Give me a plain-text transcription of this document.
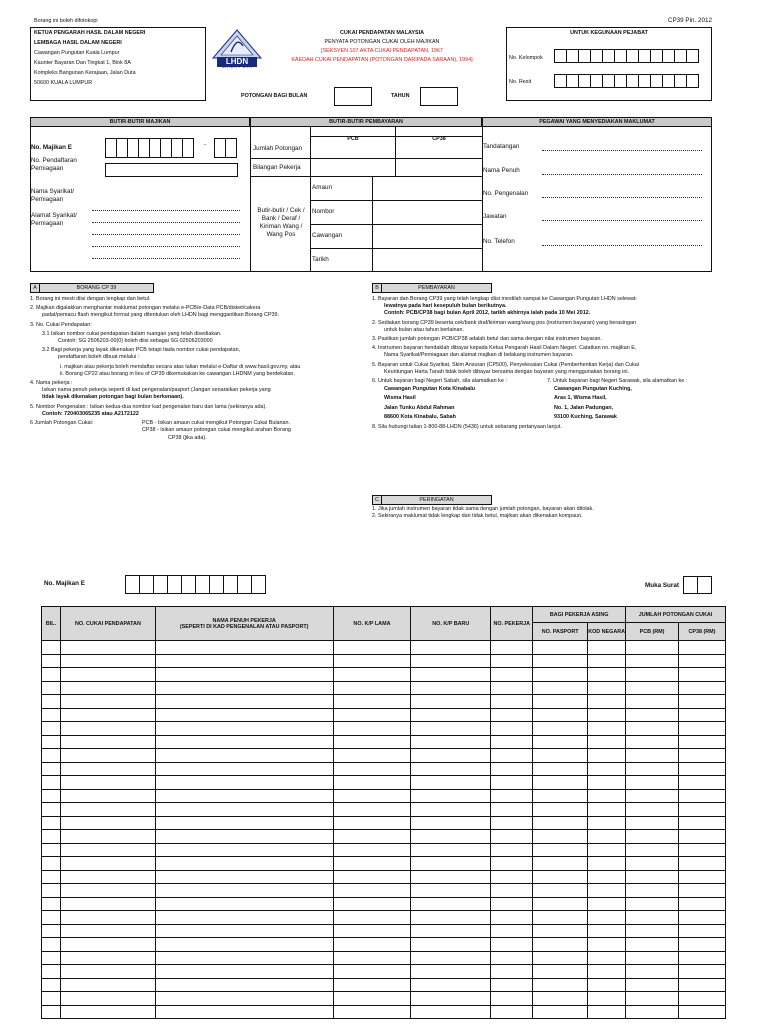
Borang ini boleh difotokopi	CP39 Pin. 2012
KETUA PENGARAH HASIL DALAM NEGERI
LEMBAGA HASIL DALAM NEGERI
Cawangan Pungutan Kuala Lumpur
Kaunter Bayaran Dan Tingkat 1, Blok 8A
Kompleks Bangunan Kerajaan, Jalan Duta
50600 KUALA LUMPUR
LHDN
M A L A Y S I A
CUKAI PENDAPATAN MALAYSIA
PENYATA POTONGAN CUKAI OLEH MAJIKAN
[SEKSYEN 107 AKTA CUKAI PENDAPATAN, 1967
KAEDAH CUKAI PENDAPATAN (POTONGAN DARIPADA SARAAN), 1994]
POTONGAN BAGI BULAN	TAHUN
UNTUK KEGUNAAN PEJABAT
No. Kelompok
No. Resit
BUTIR-BUTIR MAJIKAN	BUTIR-BUTIR PEMBAYARAN	PEGAWAI YANG MENYEDIAKAN MAKLUMAT
No. Majikan E	-
No. Pendaftaran
Perniagaan
Nama Syarikat/
Perniagaan
Alamat Syarikat/
Perniagaan
PCB	CP38
Jumlah Potongan
Bilangan Pekerja
Butir-butir / Cek / Bank / Deraf / Kiriman Wang / Wang Pos
Amaun
Nombor
Cawangan
Tarikh
Tandatangan
Nama Penuh
No. Pengenalan
Jawatan
No. Telefon
A	BORANG CP 39
1. Borang ini mesti diisi dengan lengkap dan betul.
2. Majikan digalakkan menghantar maklumat potongan melalui e-PCB/e-Data PCB/disket/cakera
padat/pemacu flash mengikut format yang ditentukan oleh LHDN bagi menggantikan Borang CP39.
3. No. Cukai Pendapatan:
3.1 Isikan nombor cukai pendapatan dalam ruangan yang telah disediakan.
Contoh: SG 2506203-00(0) boleh diisi sebagai SG 02506203000
3.2 Bagi pekerja yang layak dikenakan PCB tetapi tiada nombor cukai pendapatan,
pendaftaran boleh dibuat melalui :
i. majikan atau pekerja boleh mendaftar secara atas talian melalui e-Daftar di www.hasil.gov.my, atau
ii. Borang CP22 atau borang in lieu of CP39 dikemukakan ke cawangan LHDNM yang berdekatan.
4. Nama pekerja :
Isikan nama penuh pekerja seperti di kad pengenalan/pasport (Jangan senaraikan pekerja yang
tidak layak dikenakan potongan bagi bulan berkenaan).
5. Nombor Pengenalan : Isikan kedua-dua nombor kad pengenalan baru dan lama (sekiranya ada).
Contoh: 720403065235 atau A2172122
6 Jumlah Potongan Cukai:	PCB - Isikan amaun cukai mengikut Potongan Cukai Bulanan.
CP38 - Isikan amaun potongan cukai mengikut arahan Borang
CP38 (jika ada).
B	PEMBAYARAN
1. Bayaran dan Borang CP39 yang telah lengkap diisi mestilah sampai ke Cawangan Pungutan LHDN selewat-
lewatnya pada hari kesepuluh bulan berikutnya.
Contoh: PCB/CP38 bagi bulan April 2012, tarikh akhirnya ialah pada 10 Mei 2012.
2. Sediakan borang CP39 beserta cek/bank draf/kiriman wang/wang pos (instrumen bayaran) yang berasingan
untuk bulan atau tahun berlainan.
3. Pastikan jumlah potongan PCB/CP38 adalah betul dan sama dengan nilai instrumen bayaran.
4. Instrumen bayaran hendaklah dibayar kepada Ketua Pengarah Hasil Dalam Negeri. Catatkan no. majikan E,
Nama Syarikat/Perniagaan dan alamat majikan di belakang instrumen bayaran.
5. Bayaran untuk Cukai Syarikat, Skim Ansuran (CP500), Penyelesaian Cukai (Pemberhentian Kerja) dan Cukai
Keuntungan Harta Tanah tidak boleh dibayar bersama dengan bayaran yang menggunakan borang ini.
6. Untuk bayaran bagi Negeri Sabah, sila alamatkan ke :	7. Untuk bayaran bagi Negeri Sarawak, sila alamatkan ke :
Cawangan Pungutan Kota Kinabalu
Wisma Hasil
Jalan Tunku Abdul Rahman
88600 Kota Kinabalu, Sabah
Cawangan Pungutan Kuching,
Aras 1, Wisma Hasil,
No. 1, Jalan Padungan,
93100 Kuching, Sarawak
8. Sila hubungi talian 1-800-88-LHDN (5436) untuk sebarang pertanyaan lanjut.
C	PERINGATAN
1. Jika jumlah instrumen bayaran tidak sama dengan jumlah potongan, bayaran akan ditolak.
2. Sekiranya maklumat tidak lengkap dan tidak betul, majikan akan dikenakan kompaun.
No. Majikan E	Muka Surat
BIL.	NO. CUKAI PENDAPATAN	NAMA PENUH PEKERJA
(SEPERTI DI KAD PENGENALAN ATAU PASPORT)	NO. K/P LAMA	NO. K/P BARU	NO. PEKERJA	BAGI PEKERJA ASING		JUMLAH POTONGAN CUKAI	
						NO. PASPORT	KOD NEGARA	PCB (RM)	CP38 (RM)
